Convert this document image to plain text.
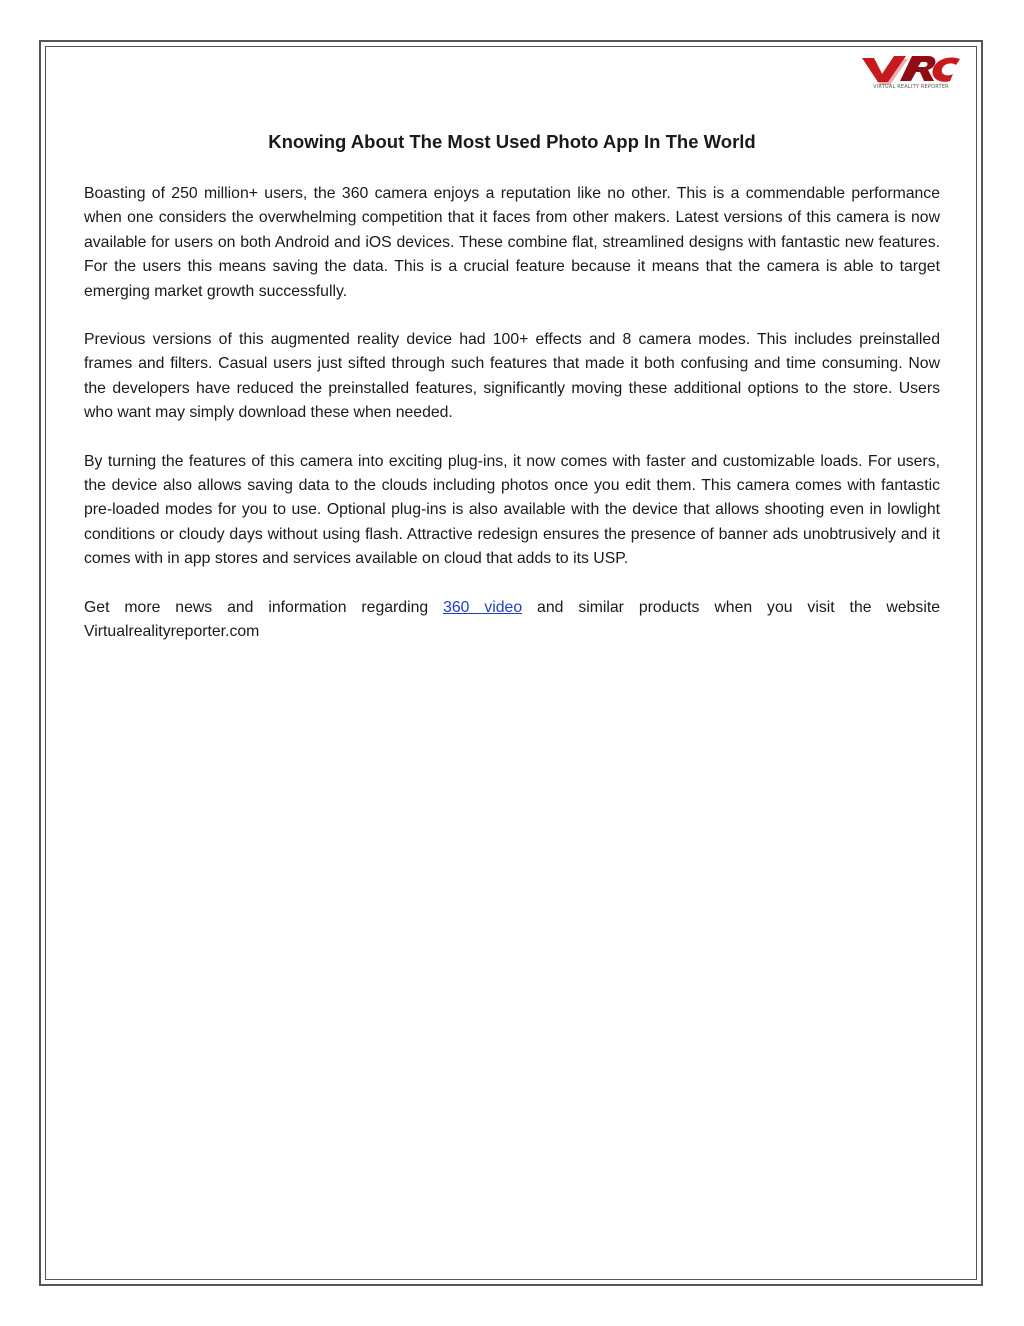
VIRTUAL REALITY REPORTER
Knowing About The Most Used Photo App In The World

Boasting of 250 million+ users, the 360 camera enjoys a reputation like no other. This is a commendable performance when one considers the overwhelming competition that it faces from other makers. Latest versions of this camera is now available for users on both Android and iOS devices. These combine flat, streamlined designs with fantastic new features. For the users this means saving the data. This is a crucial feature because it means that the camera is able to target emerging market growth successfully.

Previous versions of this augmented reality device had 100+ effects and 8 camera modes. This includes preinstalled frames and filters. Casual users just sifted through such features that made it both confusing and time consuming. Now the developers have reduced the preinstalled features, significantly moving these additional options to the store. Users who want may simply download these when needed.

By turning the features of this camera into exciting plug-ins, it now comes with faster and customizable loads. For users, the device also allows saving data to the clouds including photos once you edit them. This camera comes with fantastic pre-loaded modes for you to use. Optional plug-ins is also available with the device that allows shooting even in lowlight conditions or cloudy days without using flash. Attractive redesign ensures the presence of banner ads unobtrusively and it comes with in app stores and services available on cloud that adds to its USP.

Get more news and information regarding 360 video and similar products when you visit the website Virtualrealityreporter.com
